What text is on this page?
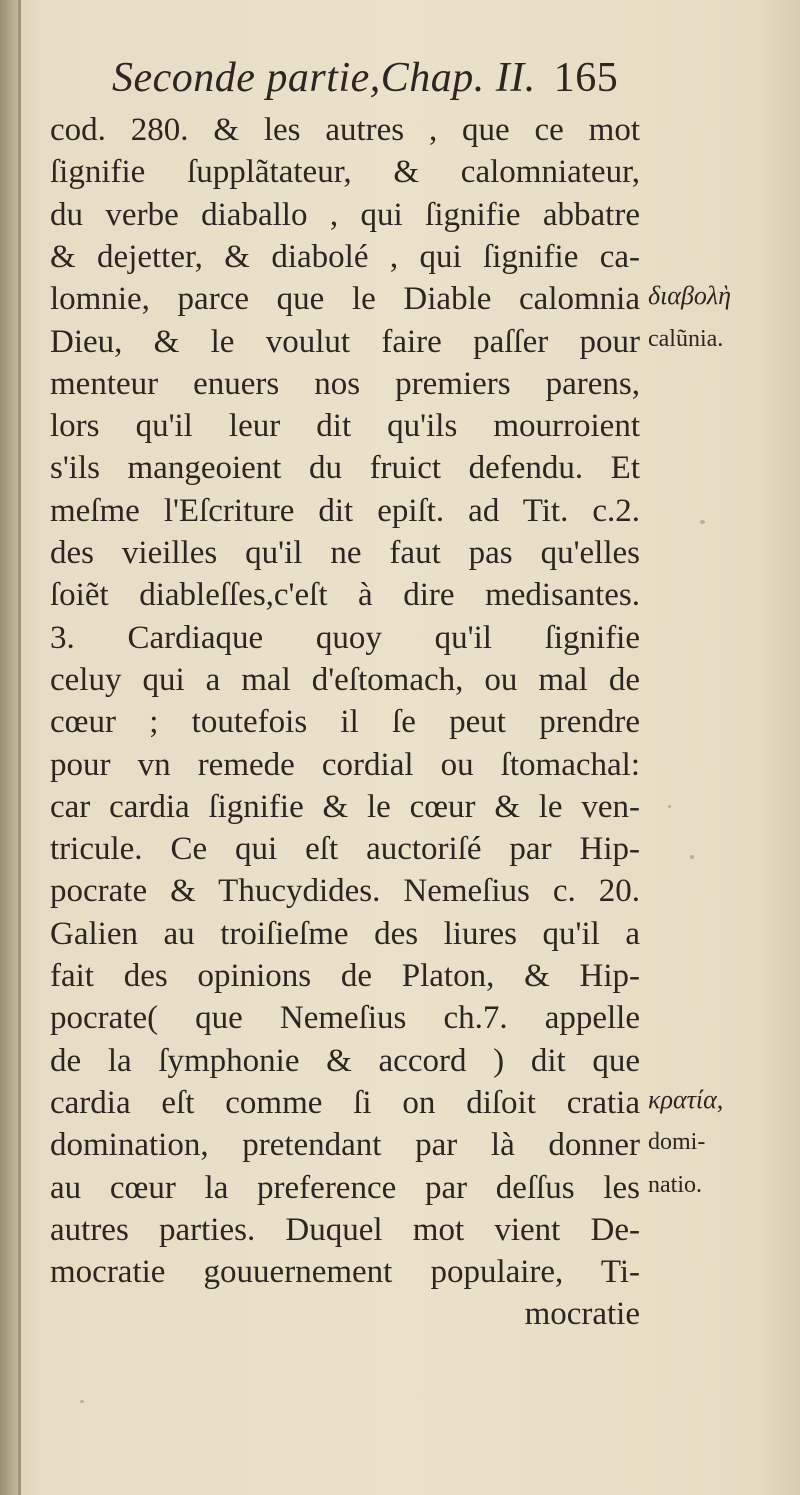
Seconde partie,Chap. II. 165
cod. 280. & les autres , que ce mot
ſignifie ſupplãtateur, & calomniateur,
du verbe diaballo , qui ſignifie abbatre
& dejetter, & diabolé , qui ſignifie ca-
lomnie, parce que le Diable calomnia
Dieu, & le voulut faire paſſer pour
menteur enuers nos premiers parens,
lors qu'il leur dit qu'ils mourroient
s'ils mangeoient du fruict defendu. Et
meſme l'Eſcriture dit epiſt. ad Tit. c.2.
des vieilles qu'il ne faut pas qu'elles
ſoiẽt diableſſes,c'eſt à dire medisantes.
3. Cardiaque quoy qu'il ſignifie
celuy qui a mal d'eſtomach, ou mal de
cœur ; toutefois il ſe peut prendre
pour vn remede cordial ou ſtomachal:
car cardia ſignifie & le cœur & le ven-
tricule. Ce qui eſt auctoriſé par Hip-
pocrate & Thucydides. Nemeſius c. 20.
Galien au troiſieſme des liures qu'il a
fait des opinions de Platon, & Hip-
pocrate( que Nemeſius ch.7. appelle
de la ſymphonie & accord ) dit que
cardia eſt comme ſi on diſoit cratia
domination, pretendant par là donner
au cœur la preference par deſſus les
autres parties. Duquel mot vient De-
mocratie gouuernement populaire, Ti-
mocratie
διαβολὴ
calũnia.
κρατία,
domi-
natio.
